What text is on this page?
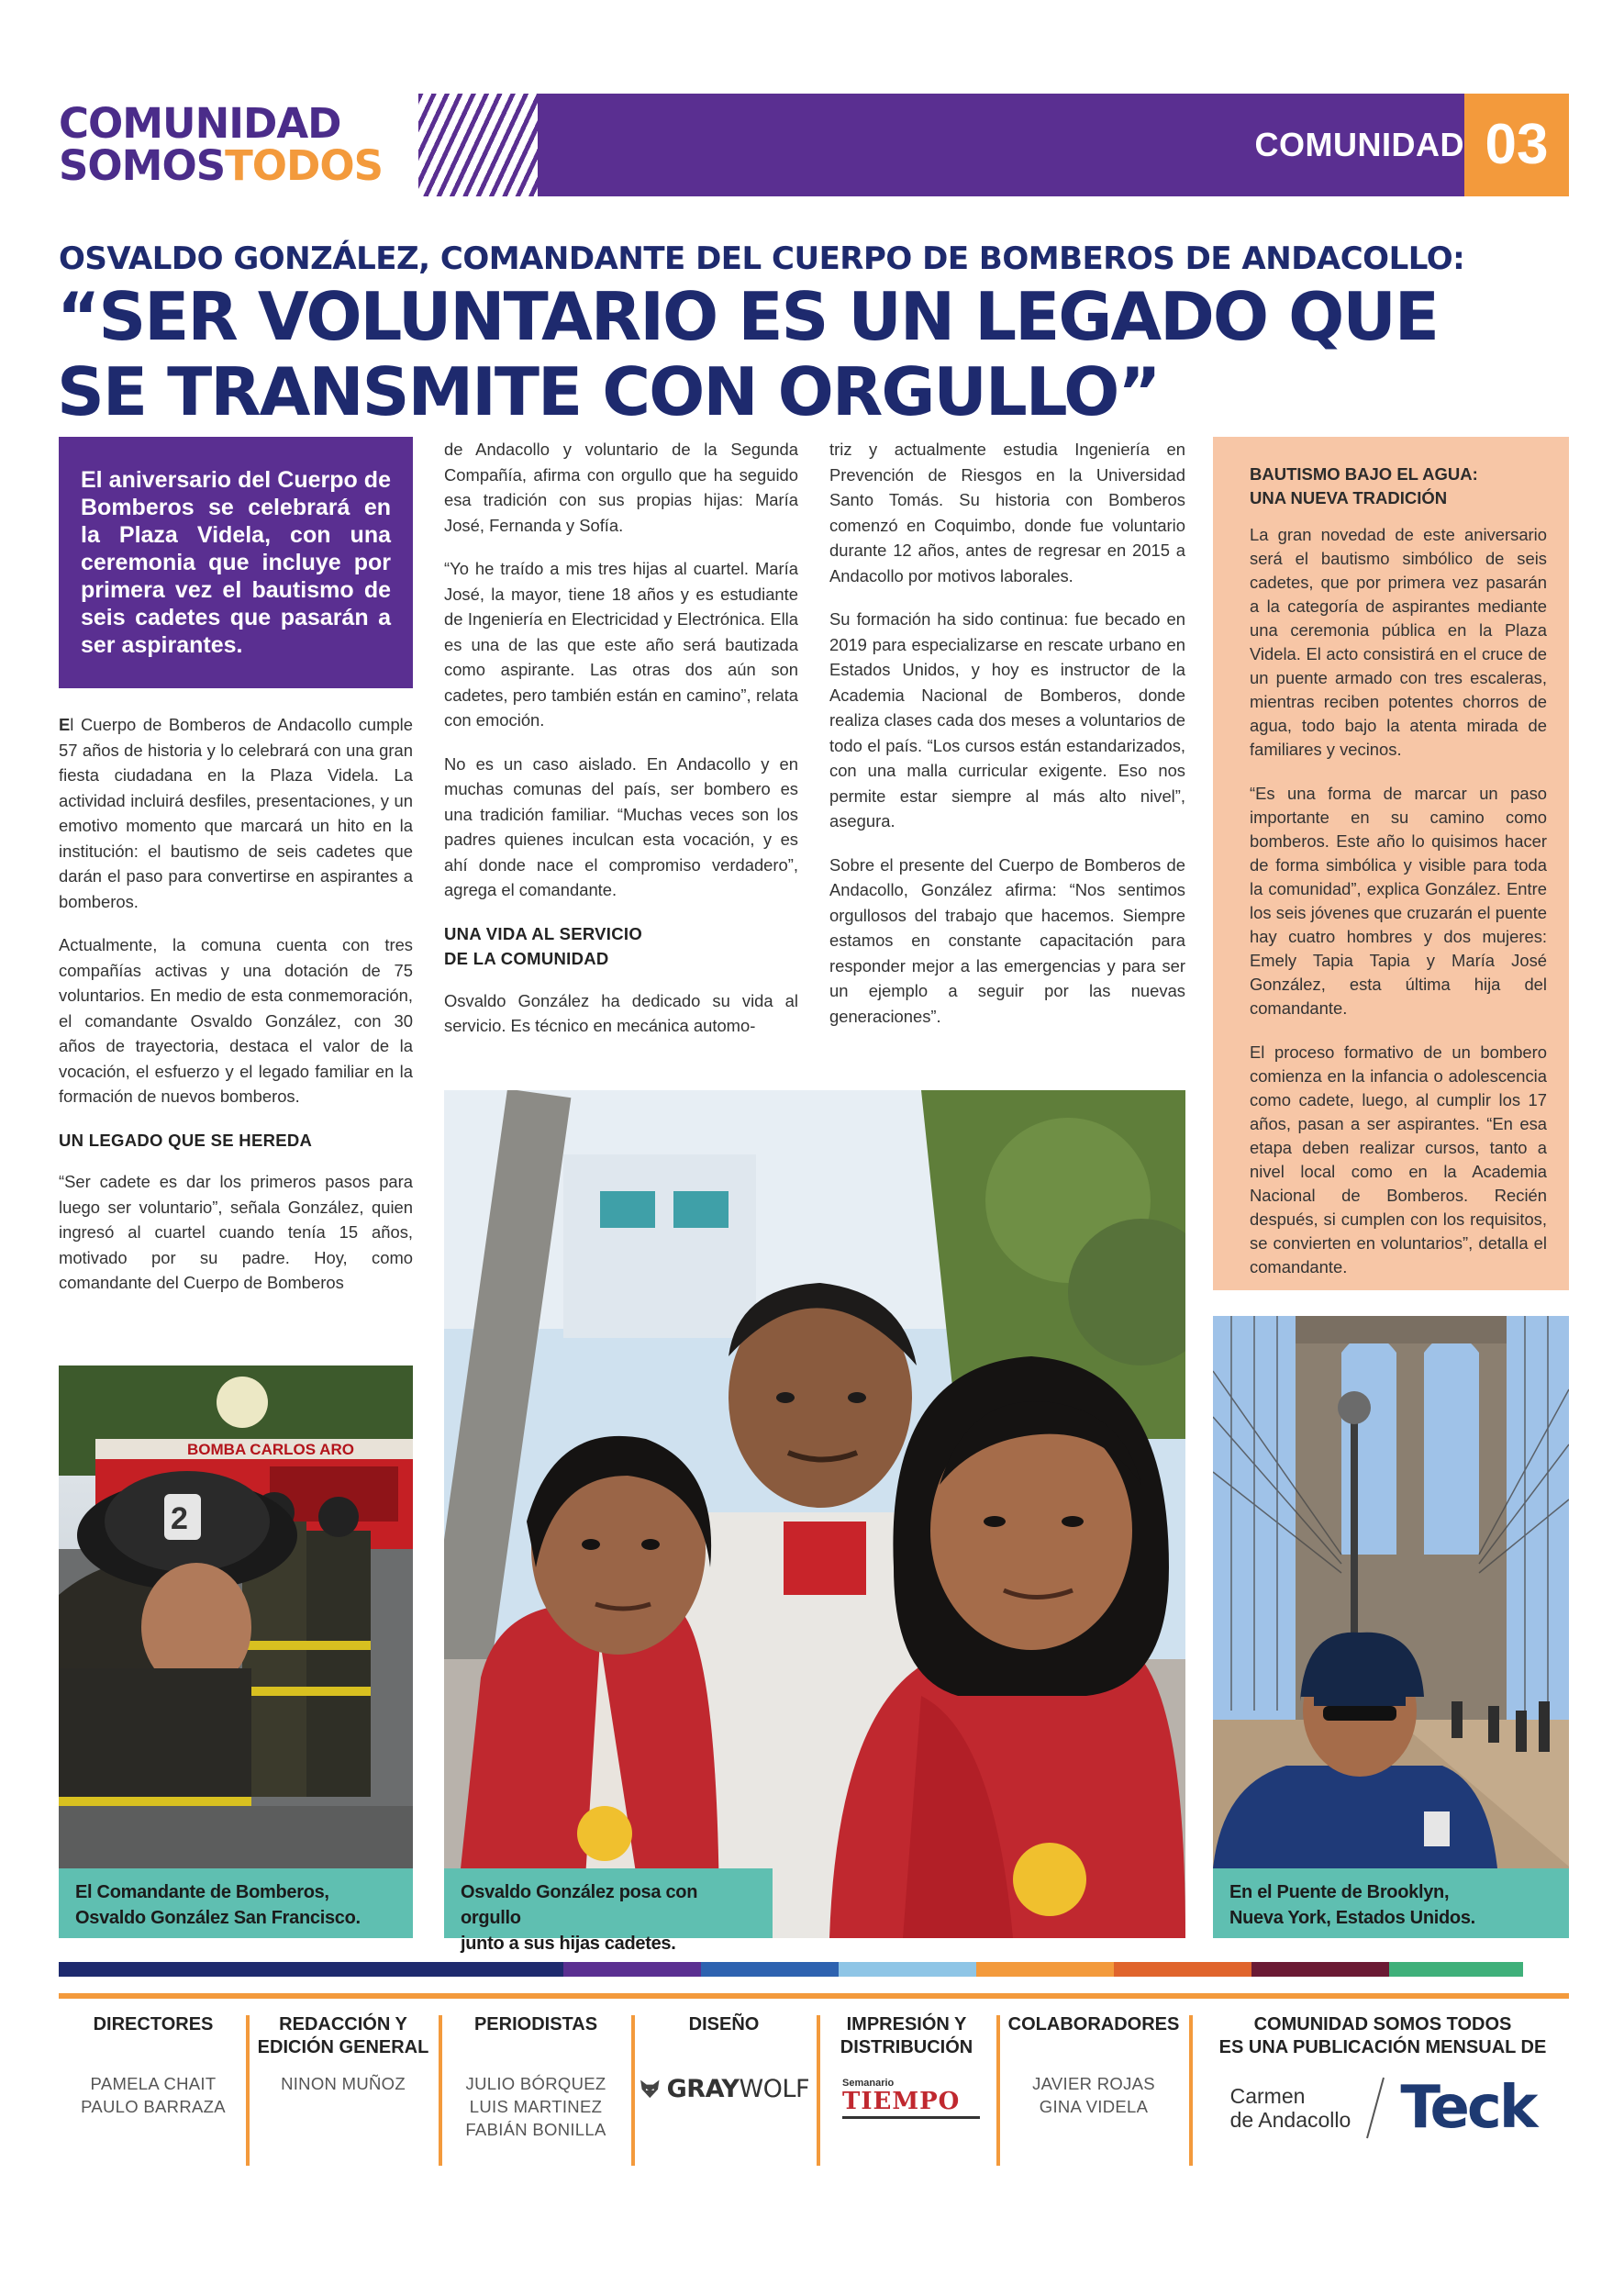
COMUNIDAD
SOMOSTODOS	COMUNIDAD 03
OSVALDO GONZÁLEZ, COMANDANTE DEL CUERPO DE BOMBEROS DE ANDACOLLO:
“SER VOLUNTARIO ES UN LEGADO QUE
SE TRANSMITE CON ORGULLO”
El aniversario del Cuerpo de Bomberos se celebrará en la Plaza Videla, con una ceremonia que incluye por primera vez el bautismo de seis cadetes que pasarán a ser aspirantes.

El Cuerpo de Bomberos de Andacollo cumple 57 años de historia y lo celebrará con una gran fiesta ciudadana en la Plaza Videla. La actividad incluirá desfiles, presentaciones, y un emotivo momento que marcará un hito en la institución: el bautismo de seis cadetes que darán el paso para convertirse en aspirantes a bomberos.

Actualmente, la comuna cuenta con tres compañías activas y una dotación de 75 voluntarios. En medio de esta conmemoración, el comandante Osvaldo González, con 30 años de trayectoria, destaca el valor de la vocación, el esfuerzo y el legado familiar en la formación de nuevos bomberos.

UN LEGADO QUE SE HEREDA

“Ser cadete es dar los primeros pasos para luego ser voluntario”, señala González, quien ingresó al cuartel cuando tenía 15 años, motivado por su padre. Hoy, como comandante del Cuerpo de Bomberos

de Andacollo y voluntario de la Segunda Compañía, afirma con orgullo que ha seguido esa tradición con sus propias hijas: María José, Fernanda y Sofía.

“Yo he traído a mis tres hijas al cuartel. María José, la mayor, tiene 18 años y es estudiante de Ingeniería en Electricidad y Electrónica. Ella es una de las que este año será bautizada como aspirante. Las otras dos aún son cadetes, pero también están en camino”, relata con emoción.

No es un caso aislado. En Andacollo y en muchas comunas del país, ser bombero es una tradición familiar. “Muchas veces son los padres quienes inculcan esta vocación, y es ahí donde nace el compromiso verdadero”, agrega el comandante.

UNA VIDA AL SERVICIO
DE LA COMUNIDAD

Osvaldo González ha dedicado su vida al servicio. Es técnico en mecánica automo-

triz y actualmente estudia Ingeniería en Prevención de Riesgos en la Universidad Santo Tomás. Su historia con Bomberos comenzó en Coquimbo, donde fue voluntario durante 12 años, antes de regresar en 2015 a Andacollo por motivos laborales.

Su formación ha sido continua: fue becado en 2019 para especializarse en rescate urbano en Estados Unidos, y hoy es instructor de la Academia Nacional de Bomberos, donde realiza clases cada dos meses a voluntarios de todo el país. “Los cursos están estandarizados, con una malla curricular exigente. Eso nos permite estar siempre al más alto nivel”, asegura.

Sobre el presente del Cuerpo de Bomberos de Andacollo, González afirma: “Nos sentimos orgullosos del trabajo que hacemos. Siempre estamos en constante capacitación para responder mejor a las emergencias y para ser un ejemplo a seguir por las nuevas generaciones”.

BAUTISMO BAJO EL AGUA:
UNA NUEVA TRADICIÓN

La gran novedad de este aniversario será el bautismo simbólico de seis cadetes, que por primera vez pasarán a la categoría de aspirantes mediante una ceremonia pública en la Plaza Videla. El acto consistirá en el cruce de un puente armado con tres escaleras, mientras reciben potentes chorros de agua, todo bajo la atenta mirada de familiares y vecinos.

“Es una forma de marcar un paso importante en su camino como bomberos. Este año lo quisimos hacer de forma simbólica y visible para toda la comunidad”, explica González. Entre los seis jóvenes que cruzarán el puente hay cuatro hombres y dos mujeres: Emely Tapia Tapia y María José González, esta última hija del comandante.

El proceso formativo de un bombero comienza en la infancia o adolescencia como cadete, luego, al cumplir los 17 años, pasan a ser aspirantes. “En esa etapa deben realizar cursos, tanto a nivel local como en la Academia Nacional de Bomberos. Recién después, si cumplen con los requisitos, se convierten en voluntarios”, detalla el comandante.

BOMBA CARLOS ARO
2
El Comandante de Bomberos,
Osvaldo González San Francisco.
Osvaldo González posa con orgullo
junto a sus hijas cadetes.
En el Puente de Brooklyn,
Nueva York, Estados Unidos.
DIRECTORES
PAMELA CHAIT
PAULO BARRAZA
REDACCIÓN Y
EDICIÓN GENERAL
NINON MUÑOZ
PERIODISTAS
JULIO BÓRQUEZ
LUIS MARTINEZ
FABIÁN BONILLA
DISEÑO
GRAY WOLF
IMPRESIÓN Y
DISTRIBUCIÓN
Semanario
TIEMPO
COLABORADORES
JAVIER ROJAS
GINA VIDELA
COMUNIDAD SOMOS TODOS
ES UNA PUBLICACIÓN MENSUAL DE
Carmen
de Andacollo Teck
